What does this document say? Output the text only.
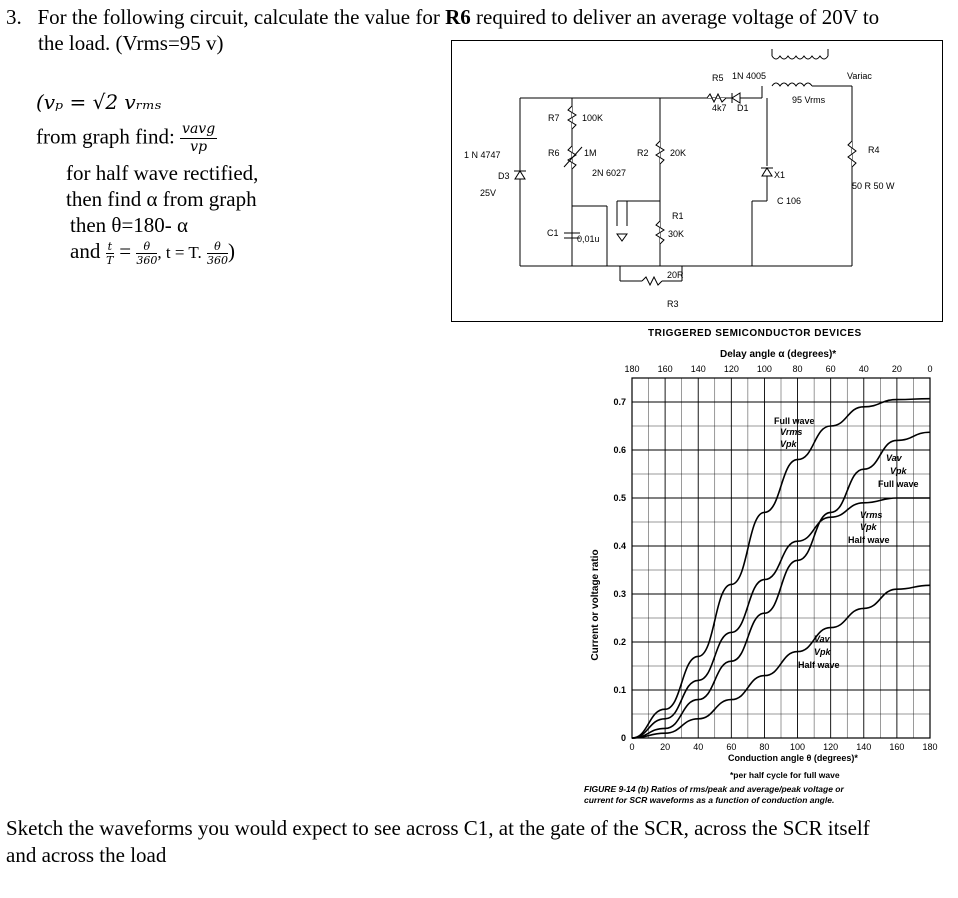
3. For the following circuit, calculate the value for R6 required to deliver an average voltage of 20V to
the load. (Vrms=95 v)
(vₚ = √2 vᵣₘₛ
from graph find: $\frac{\text{vavg}}{vp}$
for half wave rectified,
then find α from graph
then θ=180- α
and $\frac{t}{T} = \frac{\theta}{360}$ , t = T. $\frac{\theta}{360}$ )
R5 1N 4005
4k7 D1
95 Vrms
Variac
R7 100K
R6	1M	R2 20K
1 N 4747
D3
25V
2N 6027	X1
C 106
R4
50 R 50 W
C1
0,01u
R1
30K
20R
R3
TRIGGERED SEMICONDUCTOR DEVICES
Delay angle α (degrees)*
180 160 140 120 100 80	60	40	20	0
Current or voltage ratio
0.7
0.6
0.5
0.4
0.3
0.2
0.1
0
0	20	40	60	80 100 120 140 160 180
Full wave
Vrms
Vpk
Vav
Vpk
Full wave
Vrms
Vpk
Half wave
Vav
Vpk
Half wave
Conduction angle θ (degrees)*
*per half cycle for full wave
FIGURE 9-14 (b) Ratios of rms/peak and average/peak voltage or
current for SCR waveforms as a function of conduction angle.
Sketch the waveforms you would expect to see across C1, at the gate of the SCR, across the SCR itself
and across the load
